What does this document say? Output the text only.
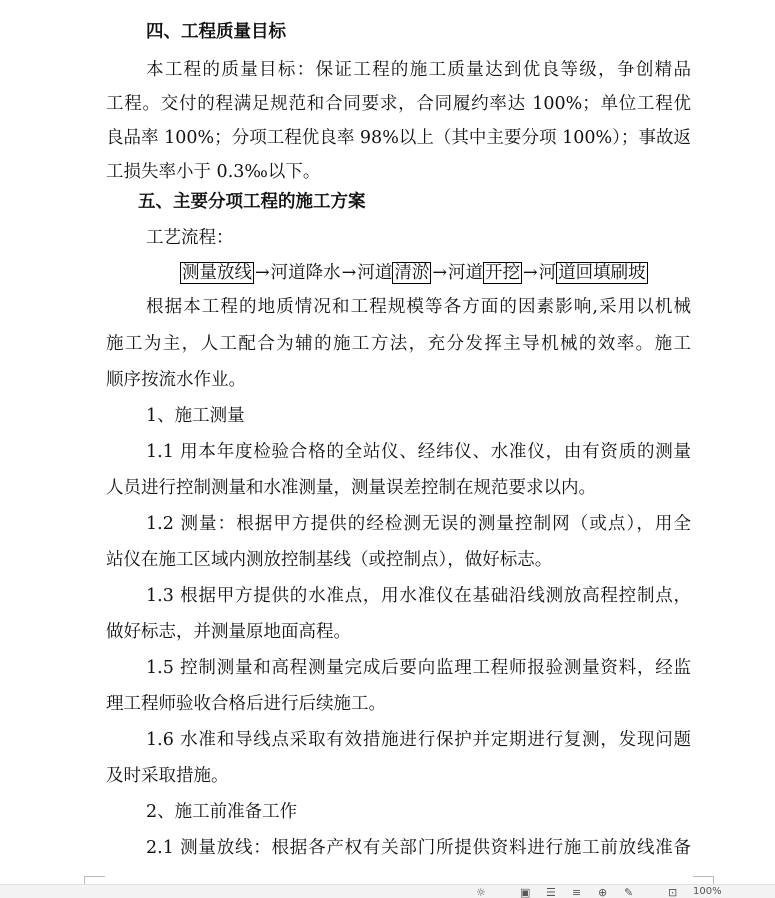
四、工程质量目标
本工程的质量目标：保证工程的施工质量达到优良等级，争创精品
工程。交付的程满足规范和合同要求，合同履约率达 100%；单位工程优
良品率 100%；分项工程优良率 98%以上（其中主要分项 100%）；事故返
工损失率小于 0.3‰以下。
五、主要分项工程的施工方案
工艺流程：
测量放线 →河道降水→河道 清淤 →河道 开挖 →河 道回填刷坡
根据本工程的地质情况和工程规模等各方面的因素影响,采用以机械
施工为主，人工配合为辅的施工方法，充分发挥主导机械的效率。施工
顺序按流水作业。
1、施工测量
1.1 用本年度检验合格的全站仪、经纬仪、水准仪，由有资质的测量
人员进行控制测量和水准测量，测量误差控制在规范要求以内。
1.2 测量：根据甲方提供的经检测无误的测量控制网（或点），用全
站仪在施工区域内测放控制基线（或控制点），做好标志。
1.3 根据甲方提供的水准点，用水准仪在基础沿线测放高程控制点，
做好标志，并测量原地面高程。
1.5 控制测量和高程测量完成后要向监理工程师报验测量资料，经监
理工程师验收合格后进行后续施工。
1.6 水准和导线点采取有效措施进行保护并定期进行复测，发现问题
及时采取措施。
2、施工前准备工作
2.1 测量放线：根据各产权有关部门所提供资料进行施工前放线准备
☼	▣ ☰ ≡ ⊕ ✎	⊡ 100%
